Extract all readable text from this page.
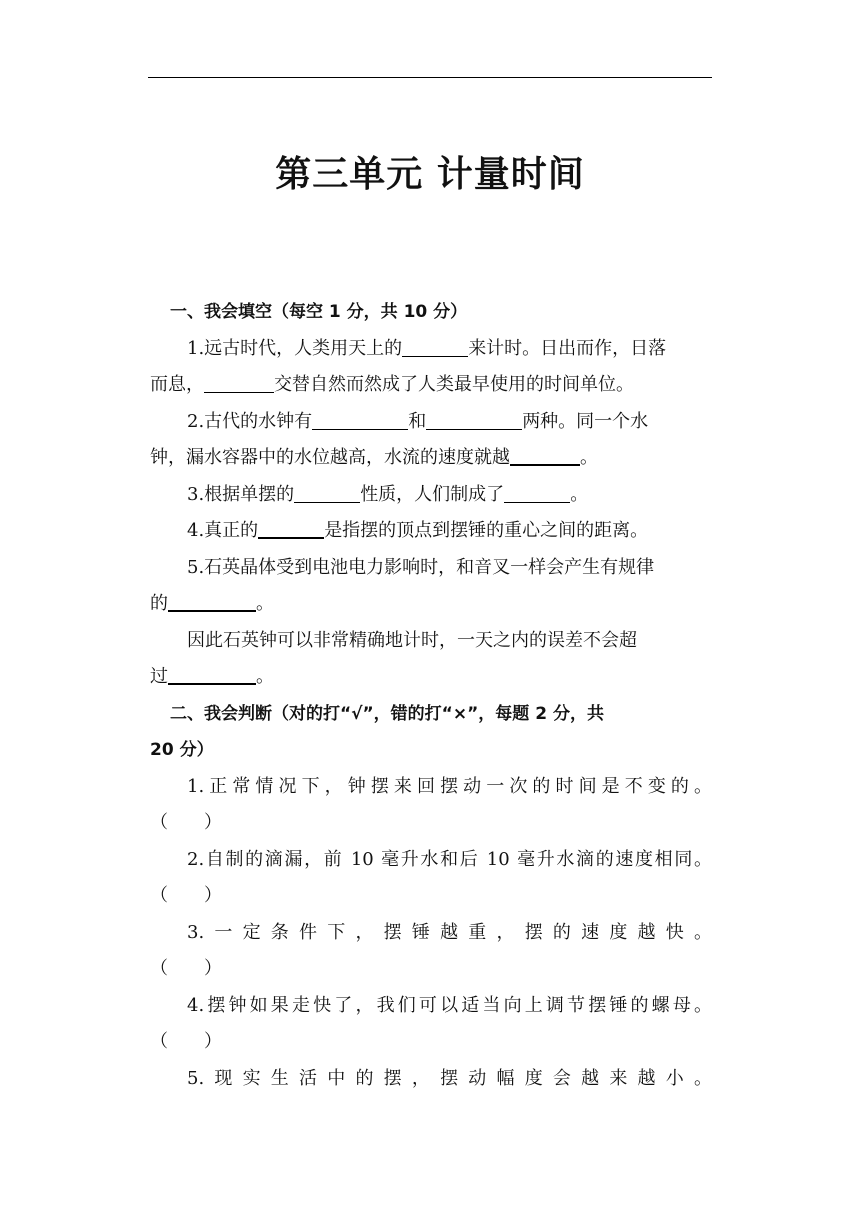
第三单元 计量时间

一、我会填空（每空 1 分，共 10 分）

1.远古时代，人类用天上的	来计时。日出而作，日落

而息，	交替自然而然成了人类最早使用的时间单位。

2.古代的水钟有	和	两种。同一个水

钟，漏水容器中的水位越高，水流的速度就越	。

3.根据单摆的	性质，人们制成了	。

4.真正的	是指摆的顶点到摆锤的重心之间的距离。

5.石英晶体受到电池电力影响时，和音叉一样会产生有规律

的	。

因此石英钟可以非常精确地计时，一天之内的误差不会超

过	。

二、我会判断（对的打“√”，错的打“×”，每题 2 分，共

20 分）

1.正常情况下，钟摆来回摆动一次的时间是不变的。

（　　）

2.自制的滴漏，前 10 毫升水和后 10 毫升水滴的速度相同。

（　　）

3.一定条件下，摆锤越重，摆的速度越快。

（　　）

4.摆钟如果走快了，我们可以适当向上调节摆锤的螺母。

（　　）

5.现实生活中的摆，摆动幅度会越来越小。
